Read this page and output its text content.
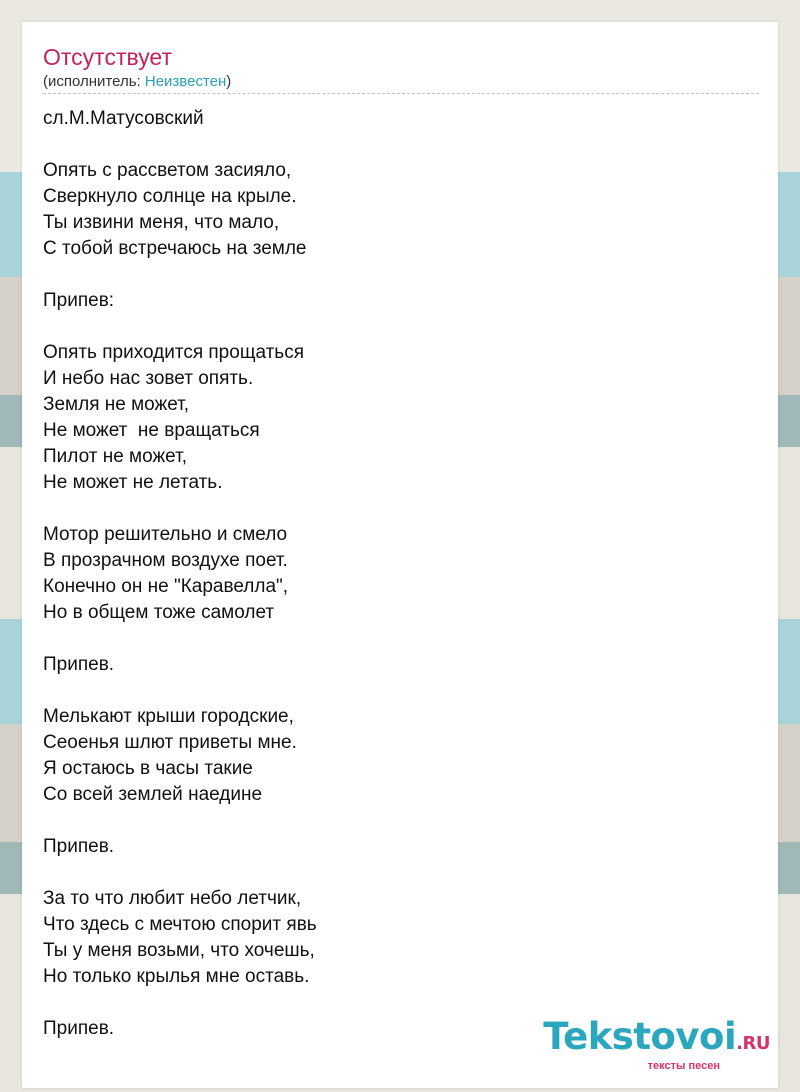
Отсутствует

(исполнитель: Неизвестен)

сл.М.Матусовский
Опять с рассветом засияло,
Сверкнуло солнце на крыле.
Ты извини меня, что мало,
С тобой встречаюсь на земле
Припев:
Опять приходится прощаться
И небо нас зовет опять.
Земля не может,
Не может  не вращаться
Пилот не может,
Не может не летать.
Мотор решительно и смело
В прозрачном воздухе поет.
Конечно он не "Каравелла",
Но в общем тоже самолет
Припев.
Мелькают крыши городские,
Сеоенья шлют приветы мне.
Я остаюсь в часы такие
Со всей землей наедине
Припев.
За то что любит небо летчик,
Что здесь с мечтою спорит явь
Ты у меня возьми, что хочешь,
Но только крылья мне оставь.
Припев.	Tekstovoi.RU
тексты песен
